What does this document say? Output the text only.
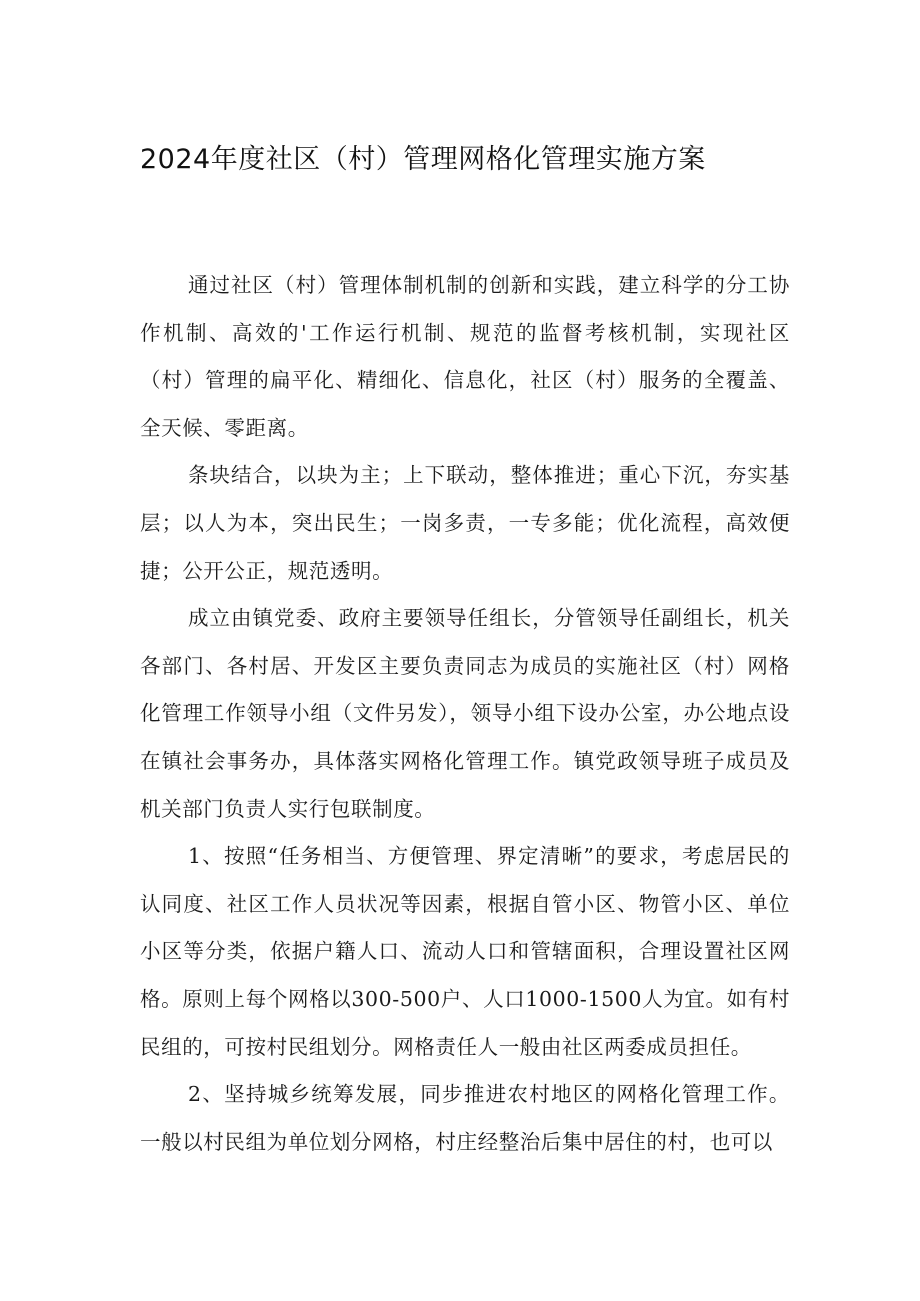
2024年度社区（村）管理网格化管理实施方案

通过社区（村）管理体制机制的创新和实践，建立科学的分工协作机制、高效的'工作运行机制、规范的监督考核机制，实现社区（村）管理的扁平化、精细化、信息化，社区（村）服务的全覆盖、全天候、零距离。

条块结合，以块为主；上下联动，整体推进；重心下沉，夯实基层；以人为本，突出民生；一岗多责，一专多能；优化流程，高效便捷；公开公正，规范透明。

成立由镇党委、政府主要领导任组长，分管领导任副组长，机关各部门、各村居、开发区主要负责同志为成员的实施社区（村）网格化管理工作领导小组（文件另发），领导小组下设办公室，办公地点设在镇社会事务办，具体落实网格化管理工作。镇党政领导班子成员及机关部门负责人实行包联制度。

1、按照“任务相当、方便管理、界定清晰”的要求，考虑居民的认同度、社区工作人员状况等因素，根据自管小区、物管小区、单位小区等分类，依据户籍人口、流动人口和管辖面积，合理设置社区网格。原则上每个网格以300-500户、人口1000-1500人为宜。如有村民组的，可按村民组划分。网格责任人一般由社区两委成员担任。

2、坚持城乡统筹发展，同步推进农村地区的网格化管理工作。一般以村民组为单位划分网格，村庄经整治后集中居住的村，也可以
